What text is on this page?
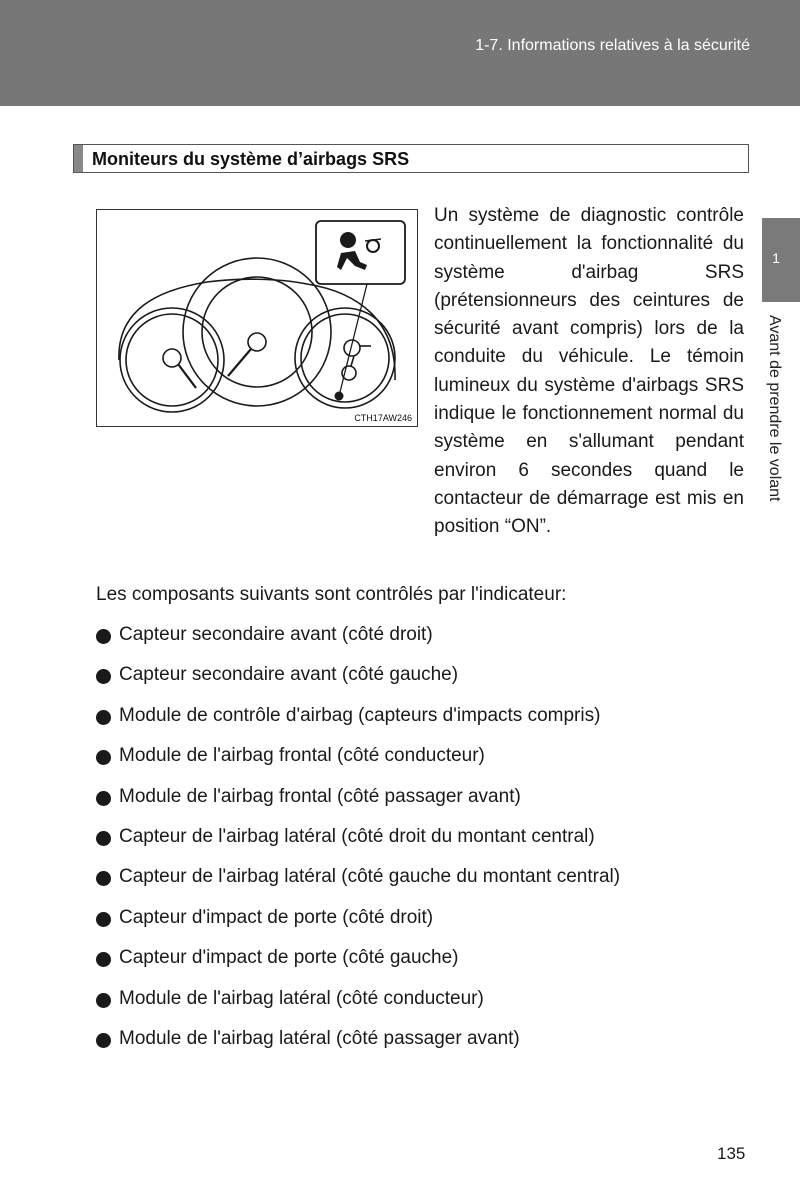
1-7. Informations relatives à la sécurité
Moniteurs du système d’airbags SRS
1
Avant de prendre le volant
CTH17AW246

Un système de diagnostic contrôle continuellement la fonctionnalité du système d'airbag SRS (prétensionneurs des ceintures de sécurité avant compris) lors de la conduite du véhicule. Le témoin lumineux du système d'airbags SRS indique le fonctionnement normal du système en s'allumant pendant environ 6 secondes quand le contacteur de démarrage est mis en position “ON”.

Les composants suivants sont contrôlés par l'indicateur:

Capteur secondaire avant (côté droit)
Capteur secondaire avant (côté gauche)
Module de contrôle d'airbag (capteurs d'impacts compris)
Module de l'airbag frontal (côté conducteur)
Module de l'airbag frontal (côté passager avant)
Capteur de l'airbag latéral (côté droit du montant central)
Capteur de l'airbag latéral (côté gauche du montant central)
Capteur d'impact de porte (côté droit)
Capteur d'impact de porte (côté gauche)
Module de l'airbag latéral (côté conducteur)
Module de l'airbag latéral (côté passager avant)
135
